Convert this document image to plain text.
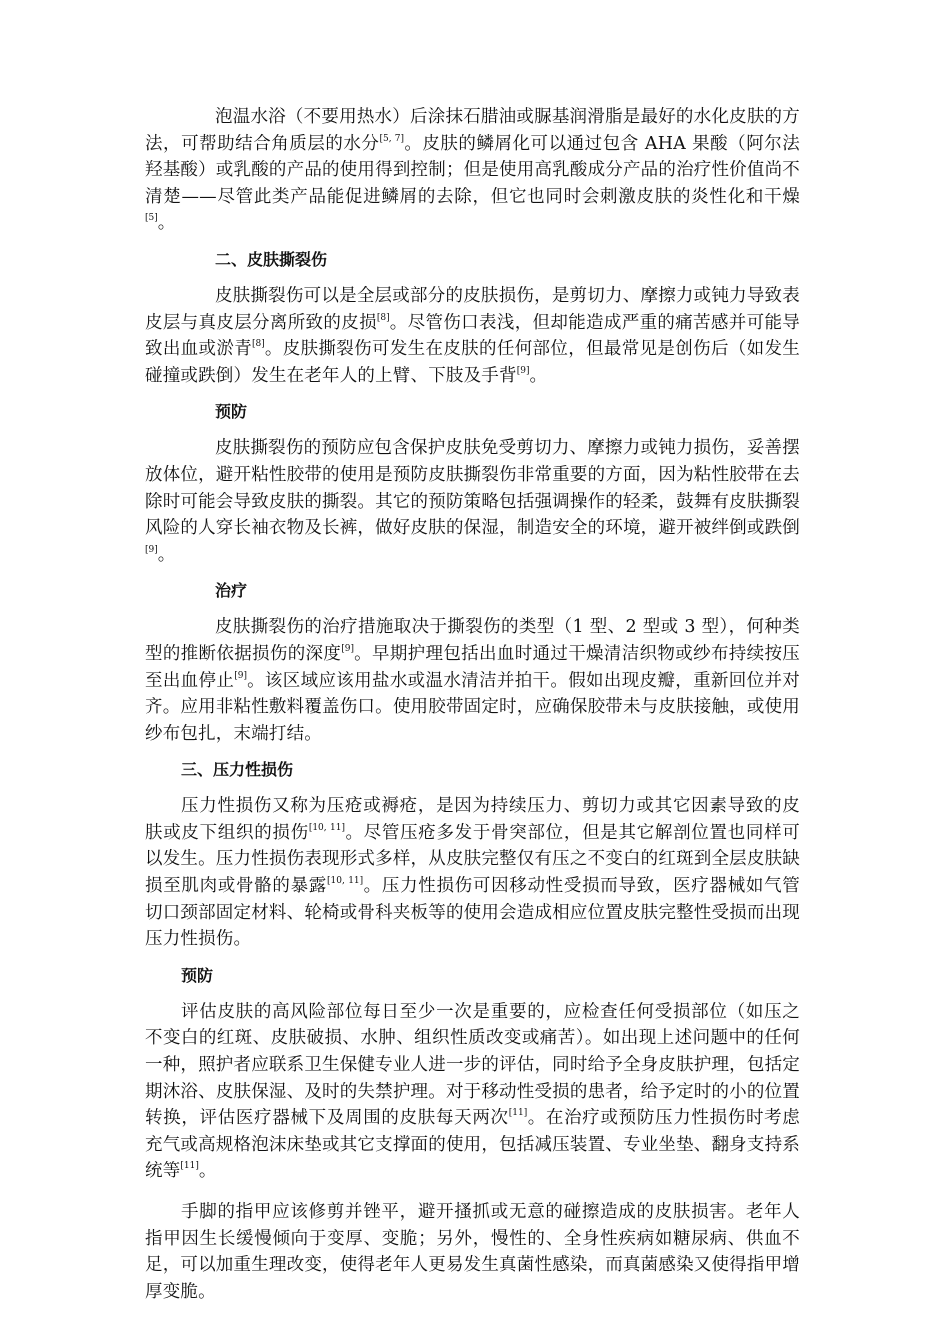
泡温水浴（不要用热水）后涂抹石腊油或脲基润滑脂是最好的水化皮肤的方法，可帮助结合角质层的水分[5, 7]。皮肤的鳞屑化可以通过包含 AHA 果酸（阿尔法羟基酸）或乳酸的产品的使用得到控制；但是使用高乳酸成分产品的治疗性价值尚不清楚——尽管此类产品能促进鳞屑的去除，但它也同时会刺激皮肤的炎性化和干燥[5]。

二、皮肤撕裂伤

皮肤撕裂伤可以是全层或部分的皮肤损伤，是剪切力、摩擦力或钝力导致表皮层与真皮层分离所致的皮损[8]。尽管伤口表浅，但却能造成严重的痛苦感并可能导致出血或淤青[8]。皮肤撕裂伤可发生在皮肤的任何部位，但最常见是创伤后（如发生碰撞或跌倒）发生在老年人的上臂、下肢及手背[9]。

预防

皮肤撕裂伤的预防应包含保护皮肤免受剪切力、摩擦力或钝力损伤，妥善摆放体位，避开粘性胶带的使用是预防皮肤撕裂伤非常重要的方面，因为粘性胶带在去除时可能会导致皮肤的撕裂。其它的预防策略包括强调操作的轻柔，鼓舞有皮肤撕裂风险的人穿长袖衣物及长裤，做好皮肤的保湿，制造安全的环境，避开被绊倒或跌倒[9]。

治疗

皮肤撕裂伤的治疗措施取决于撕裂伤的类型（1 型、2 型或 3 型），何种类型的推断依据损伤的深度[9]。早期护理包括出血时通过干燥清洁织物或纱布持续按压至出血停止[9]。该区域应该用盐水或温水清洁并拍干。假如出现皮瓣，重新回位并对齐。应用非粘性敷料覆盖伤口。使用胶带固定时，应确保胶带未与皮肤接触，或使用纱布包扎，末端打结。

三、压力性损伤

压力性损伤又称为压疮或褥疮，是因为持续压力、剪切力或其它因素导致的皮肤或皮下组织的损伤[10, 11]。尽管压疮多发于骨突部位，但是其它解剖位置也同样可以发生。压力性损伤表现形式多样，从皮肤完整仅有压之不变白的红斑到全层皮肤缺损至肌肉或骨骼的暴露[10, 11]。压力性损伤可因移动性受损而导致，医疗器械如气管切口颈部固定材料、轮椅或骨科夹板等的使用会造成相应位置皮肤完整性受损而出现压力性损伤。

预防

评估皮肤的高风险部位每日至少一次是重要的，应检查任何受损部位（如压之不变白的红斑、皮肤破损、水肿、组织性质改变或痛苦）。如出现上述问题中的任何一种，照护者应联系卫生保健专业人进一步的评估，同时给予全身皮肤护理，包括定期沐浴、皮肤保湿、及时的失禁护理。对于移动性受损的患者，给予定时的小的位置转换，评估医疗器械下及周围的皮肤每天两次[11]。在治疗或预防压力性损伤时考虑充气或高规格泡沫床垫或其它支撑面的使用，包括减压装置、专业坐垫、翻身支持系统等[11]。

手脚的指甲应该修剪并锉平，避开搔抓或无意的碰擦造成的皮肤损害。老年人指甲因生长缓慢倾向于变厚、变脆；另外，慢性的、全身性疾病如糖尿病、供血不足，可以加重生理改变，使得老年人更易发生真菌性感染，而真菌感染又使得指甲增厚变脆。
